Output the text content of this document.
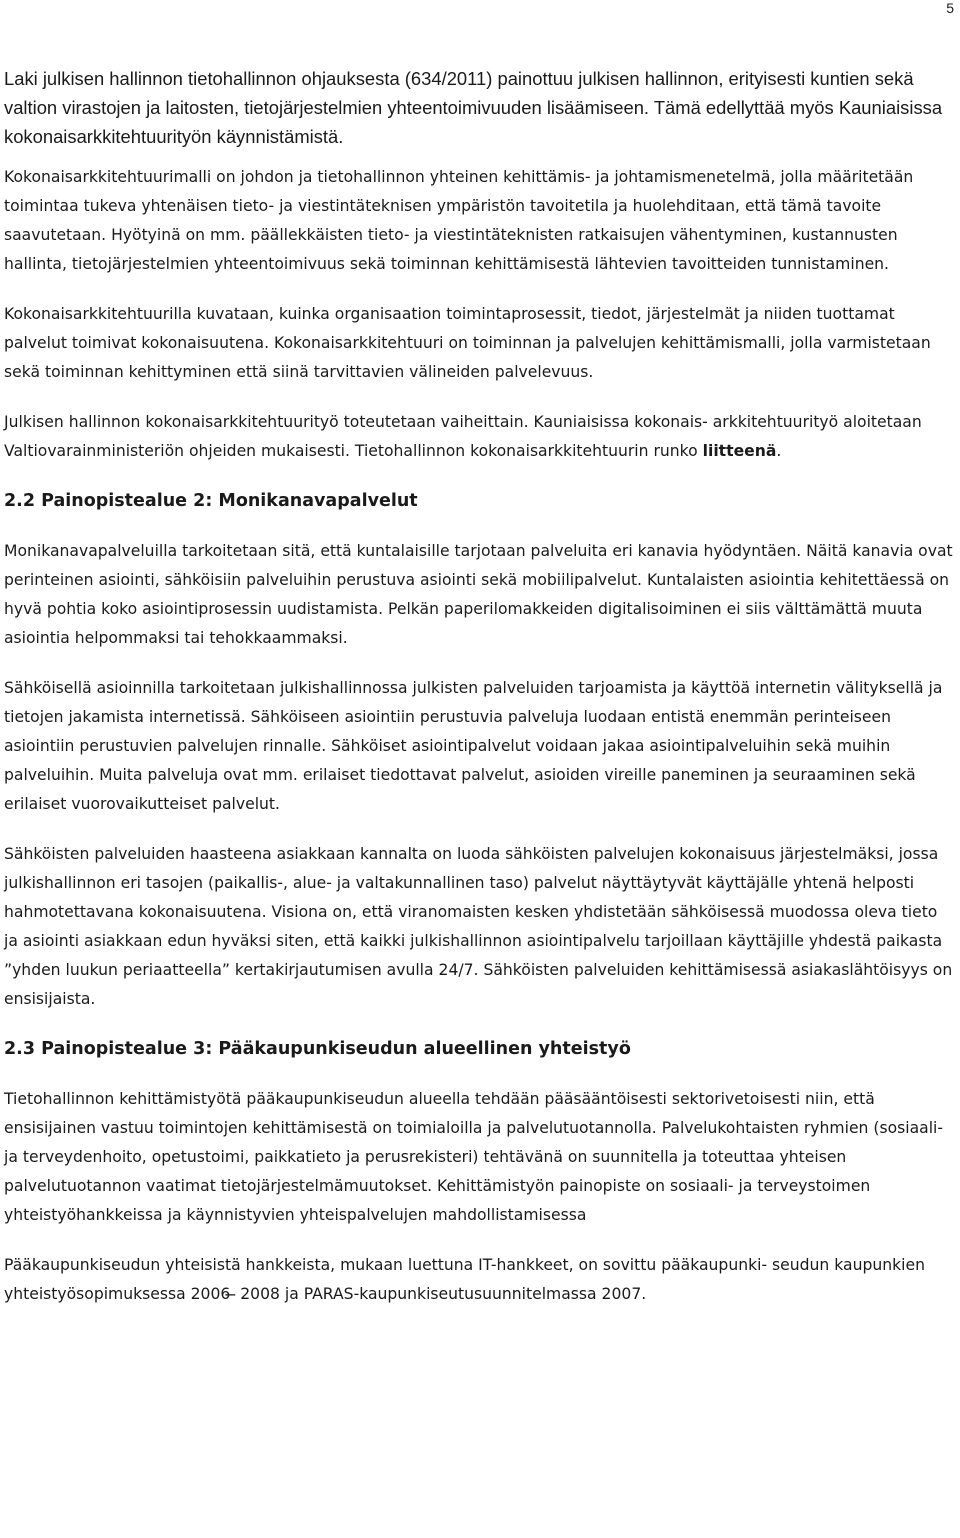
5

Laki julkisen hallinnon tietohallinnon ohjauksesta (634/2011) painottuu julkisen hallinnon, erityisesti kuntien sekä valtion virastojen ja laitosten, tietojärjestelmien yhteentoimivuuden lisäämiseen. Tämä edellyttää myös Kauniaisissa kokonaisarkkitehtuurityön käynnistämistä.

Kokonaisarkkitehtuurimalli on johdon ja tietohallinnon yhteinen kehittämis- ja johtamismenetelmä, jolla määritetään toimintaa tukeva yhtenäisen tieto- ja viestintäteknisen ympäristön tavoitetila ja huolehditaan, että tämä tavoite saavutetaan. Hyötyinä on mm. päällekkäisten tieto- ja viestintäteknisten ratkaisujen vähentyminen, kustannusten hallinta, tietojärjestelmien yhteentoimivuus sekä toiminnan kehittämisestä lähtevien tavoitteiden tunnistaminen.

Kokonaisarkkitehtuurilla kuvataan, kuinka organisaation toimintaprosessit, tiedot, järjestelmät ja niiden tuottamat palvelut toimivat kokonaisuutena. Kokonaisarkkitehtuuri on toiminnan ja palvelujen kehittämismalli, jolla varmistetaan sekä toiminnan kehittyminen että siinä tarvittavien välineiden palvelevuus.

Julkisen hallinnon kokonaisarkkitehtuurityö toteutetaan vaiheittain. Kauniaisissa kokonais- arkkitehtuurityö aloitetaan Valtiovarainministeriön ohjeiden mukaisesti. Tietohallinnon kokonaisarkkitehtuurin runko liitteenä.

2.2 Painopistealue 2: Monikanavapalvelut

Monikanavapalveluilla tarkoitetaan sitä, että kuntalaisille tarjotaan palveluita eri kanavia hyödyntäen. Näitä kanavia ovat perinteinen asiointi, sähköisiin palveluihin perustuva asiointi sekä mobiilipalvelut. Kuntalaisten asiointia kehitettäessä on hyvä pohtia koko asiointiprosessin uudistamista. Pelkän paperilomakkeiden digitalisoiminen ei siis välttämättä muuta asiointia helpommaksi tai tehokkaammaksi.

Sähköisellä asioinnilla tarkoitetaan julkishallinnossa julkisten palveluiden tarjoamista ja käyttöä internetin välityksellä ja tietojen jakamista internetissä. Sähköiseen asiointiin perustuvia palveluja luodaan entistä enemmän perinteiseen asiointiin perustuvien palvelujen rinnalle. Sähköiset asiointipalvelut voidaan jakaa asiointipalveluihin sekä muihin palveluihin. Muita palveluja ovat mm. erilaiset tiedottavat palvelut, asioiden vireille paneminen ja seuraaminen sekä erilaiset vuorovaikutteiset palvelut.

Sähköisten palveluiden haasteena asiakkaan kannalta on luoda sähköisten palvelujen kokonaisuus järjestelmäksi, jossa julkishallinnon eri tasojen (paikallis-, alue- ja valtakunnallinen taso) palvelut näyttäytyvät käyttäjälle yhtenä helposti hahmotettavana kokonaisuutena. Visiona on, että viranomaisten kesken yhdistetään sähköisessä muodossa oleva tieto ja asiointi asiakkaan edun hyväksi siten, että kaikki julkishallinnon asiointipalvelu tarjoillaan käyttäjille yhdestä paikasta ”yhden luukun periaatteella” kertakirjautumisen avulla 24/7. Sähköisten palveluiden kehittämisessä asiakaslähtöisyys on ensisijaista.

2.3 Painopistealue 3: Pääkaupunkiseudun alueellinen yhteistyö

Tietohallinnon kehittämistyötä pääkaupunkiseudun alueella tehdään pääsääntöisesti sektorivetoisesti niin, että ensisijainen vastuu toimintojen kehittämisestä on toimialoilla ja palvelutuotannolla. Palvelukohtaisten ryhmien (sosiaali- ja terveydenhoito, opetustoimi, paikkatieto ja perusrekisteri) tehtävänä on suunnitella ja toteuttaa yhteisen palvelutuotannon vaatimat tietojärjestelmämuutokset. Kehittämistyön painopiste on sosiaali- ja terveystoimen yhteistyöhankkeissa ja käynnistyvien yhteispalvelujen mahdollistamisessa

Pääkaupunkiseudun yhteisistä hankkeista, mukaan luettuna IT-hankkeet, on sovittu pääkaupunki- seudun kaupunkien yhteistyösopimuksessa 2006 ̶ 2008 ja PARAS-kaupunkiseutusuunnitelmassa 2007.
